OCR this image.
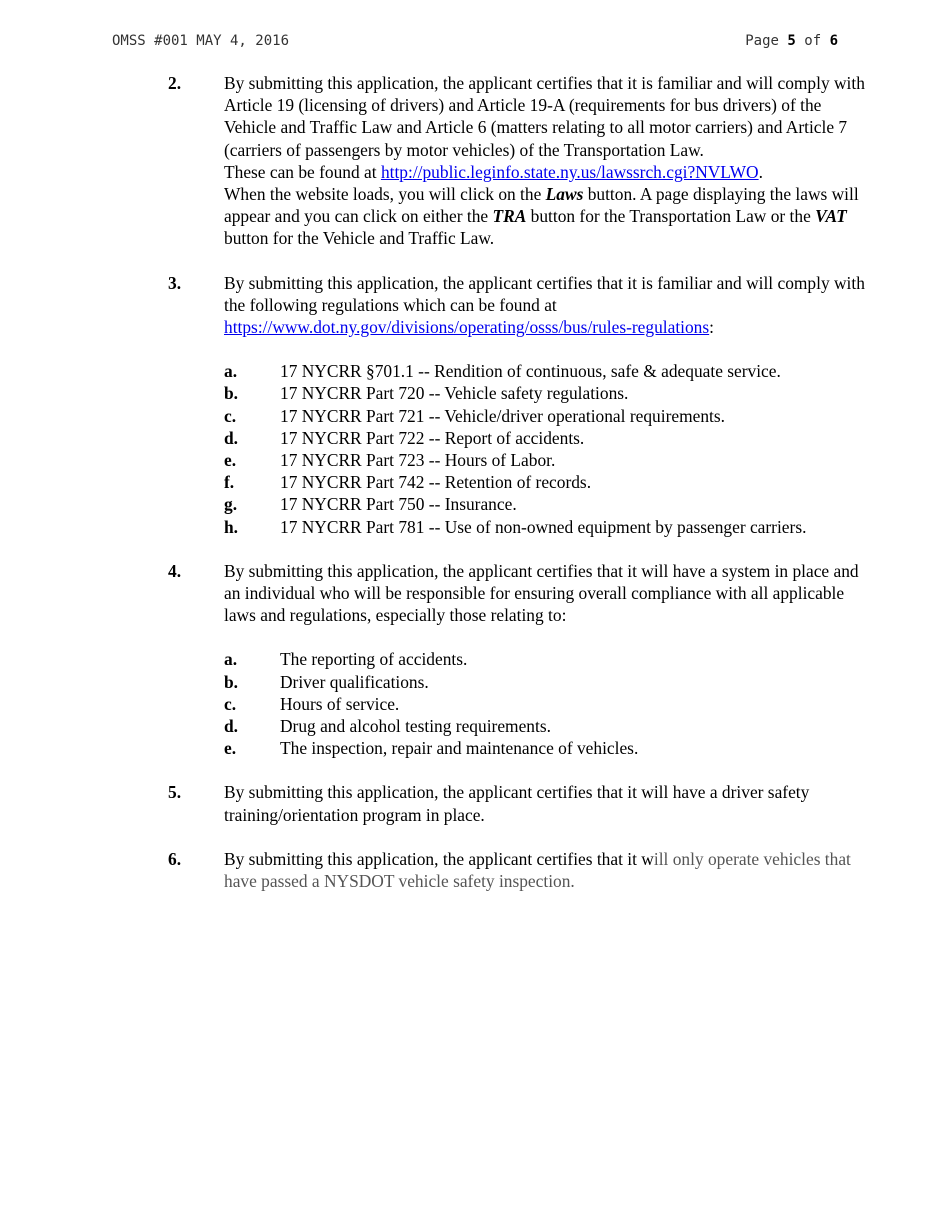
OMSS #001 MAY 4, 2016	Page 5 of 6
2. By submitting this application, the applicant certifies that it is familiar and will comply with Article 19 (licensing of drivers) and Article 19-A (requirements for bus drivers) of the Vehicle and Traffic Law and Article 6 (matters relating to all motor carriers) and Article 7 (carriers of passengers by motor vehicles) of the Transportation Law.

These can be found at http://public.leginfo.state.ny.us/lawssrch.cgi?NVLWO.

When the website loads, you will click on the Laws button. A page displaying the laws will appear and you can click on either the TRA button for the Transportation Law or the VAT button for the Vehicle and Traffic Law.

3. By submitting this application, the applicant certifies that it is familiar and will comply with the following regulations which can be found at https://www.dot.ny.gov/divisions/operating/osss/bus/rules-regulations:

a. 17 NYCRR §701.1 -- Rendition of continuous, safe & adequate service.
b. 17 NYCRR Part 720 -- Vehicle safety regulations.
c.	17 NYCRR Part 721 -- Vehicle/driver operational requirements.
d. 17 NYCRR Part 722 -- Report of accidents.
e.	17 NYCRR Part 723 -- Hours of Labor.
f.	17 NYCRR Part 742 -- Retention of records.
g. 17 NYCRR Part 750 -- Insurance.
h. 17 NYCRR Part 781 -- Use of non-owned equipment by passenger carriers.
4. By submitting this application, the applicant certifies that it will have a system in place and an individual who will be responsible for ensuring overall compliance with all applicable laws and regulations, especially those relating to:

a. The reporting of accidents.
b. Driver qualifications.
c.	Hours of service.
d. Drug and alcohol testing requirements.
e.	The inspection, repair and maintenance of vehicles.
5. By submitting this application, the applicant certifies that it will have a driver safety training/orientation program in place.

6. By submitting this application, the applicant certifies that it will only operate vehicles that have passed a NYSDOT vehicle safety inspection.
